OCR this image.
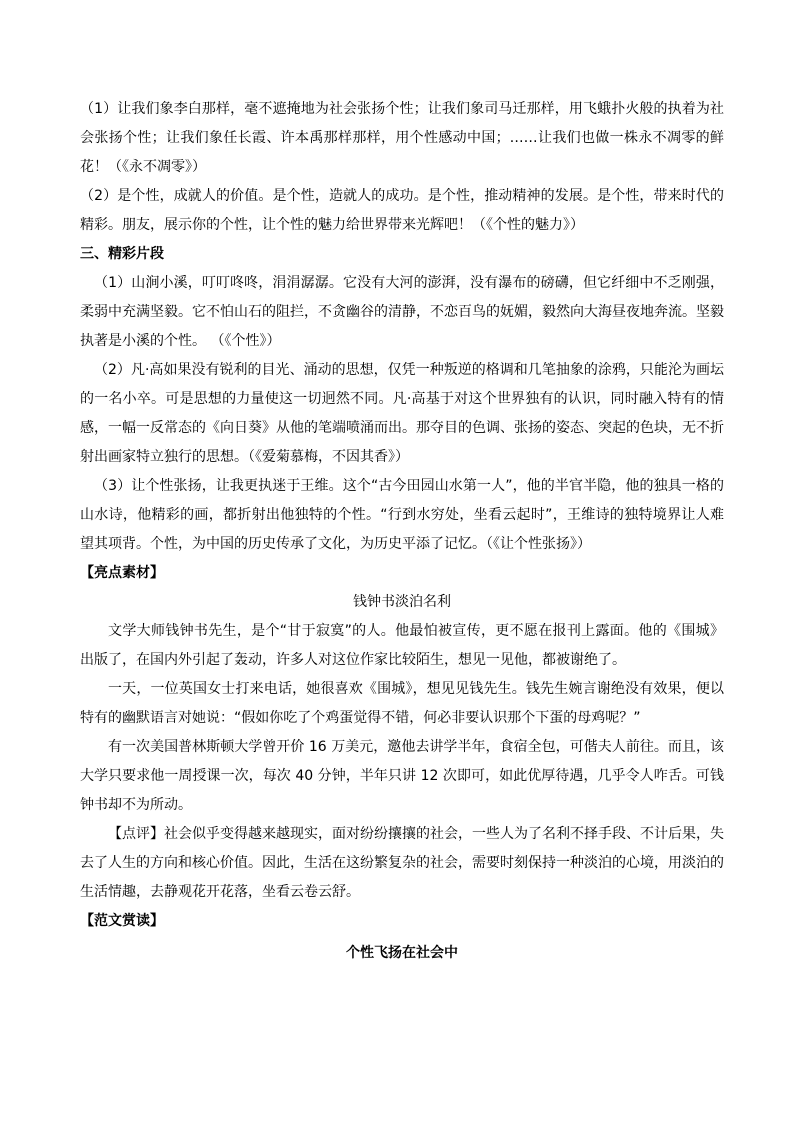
（1）让我们象李白那样，毫不遮掩地为社会张扬个性；让我们象司马迁那样，用飞蛾扑火般的执着为社会张扬个性；让我们象任长霞、许本禹那样那样，用个性感动中国；……让我们也做一株永不凋零的鲜花！（《永不凋零》）

（2）是个性，成就人的价值。是个性，造就人的成功。是个性，推动精神的发展。是个性，带来时代的精彩。朋友，展示你的个性，让个性的魅力给世界带来光辉吧！（《个性的魅力》）

三、精彩片段

（1）山涧小溪，叮叮咚咚，涓涓潺潺。它没有大河的澎湃，没有瀑布的磅礴，但它纤细中不乏刚强，柔弱中充满坚毅。它不怕山石的阻拦，不贪幽谷的清静，不恋百鸟的妩媚，毅然向大海昼夜地奔流。坚毅执著是小溪的个性。 （《个性》）

（2）凡·高如果没有锐利的目光、涌动的思想，仅凭一种叛逆的格调和几笔抽象的涂鸦，只能沦为画坛的一名小卒。可是思想的力量使这一切迥然不同。凡·高基于对这个世界独有的认识，同时融入特有的情感，一幅一反常态的《向日葵》从他的笔端喷涌而出。那夺目的色调、张扬的姿态、突起的色块，无不折射出画家特立独行的思想。（《爱菊慕梅，不因其香》）

（3）让个性张扬，让我更执迷于王维。这个“古今田园山水第一人”，他的半官半隐，他的独具一格的山水诗，他精彩的画，都折射出他独特的个性。“行到水穷处，坐看云起时”，王维诗的独特境界让人难望其项背。个性，为中国的历史传承了文化，为历史平添了记忆。（《让个性张扬》）

【亮点素材】

钱钟书淡泊名利

文学大师钱钟书先生，是个“甘于寂寞”的人。他最怕被宣传，更不愿在报刊上露面。他的《围城》出版了，在国内外引起了轰动，许多人对这位作家比较陌生，想见一见他，都被谢绝了。

一天，一位英国女士打来电话，她很喜欢《围城》，想见见钱先生。钱先生婉言谢绝没有效果，便以特有的幽默语言对她说：“假如你吃了个鸡蛋觉得不错，何必非要认识那个下蛋的母鸡呢？”

有一次美国普林斯顿大学曾开价 16 万美元，邀他去讲学半年，食宿全包，可偕夫人前往。而且，该大学只要求他一周授课一次，每次 40 分钟，半年只讲 12 次即可，如此优厚待遇，几乎令人咋舌。可钱钟书却不为所动。

【点评】社会似乎变得越来越现实，面对纷纷攘攘的社会，一些人为了名利不择手段、不计后果，失去了人生的方向和核心价值。因此，生活在这纷繁复杂的社会，需要时刻保持一种淡泊的心境，用淡泊的生活情趣，去静观花开花落，坐看云卷云舒。

【范文赏读】

个性飞扬在社会中
